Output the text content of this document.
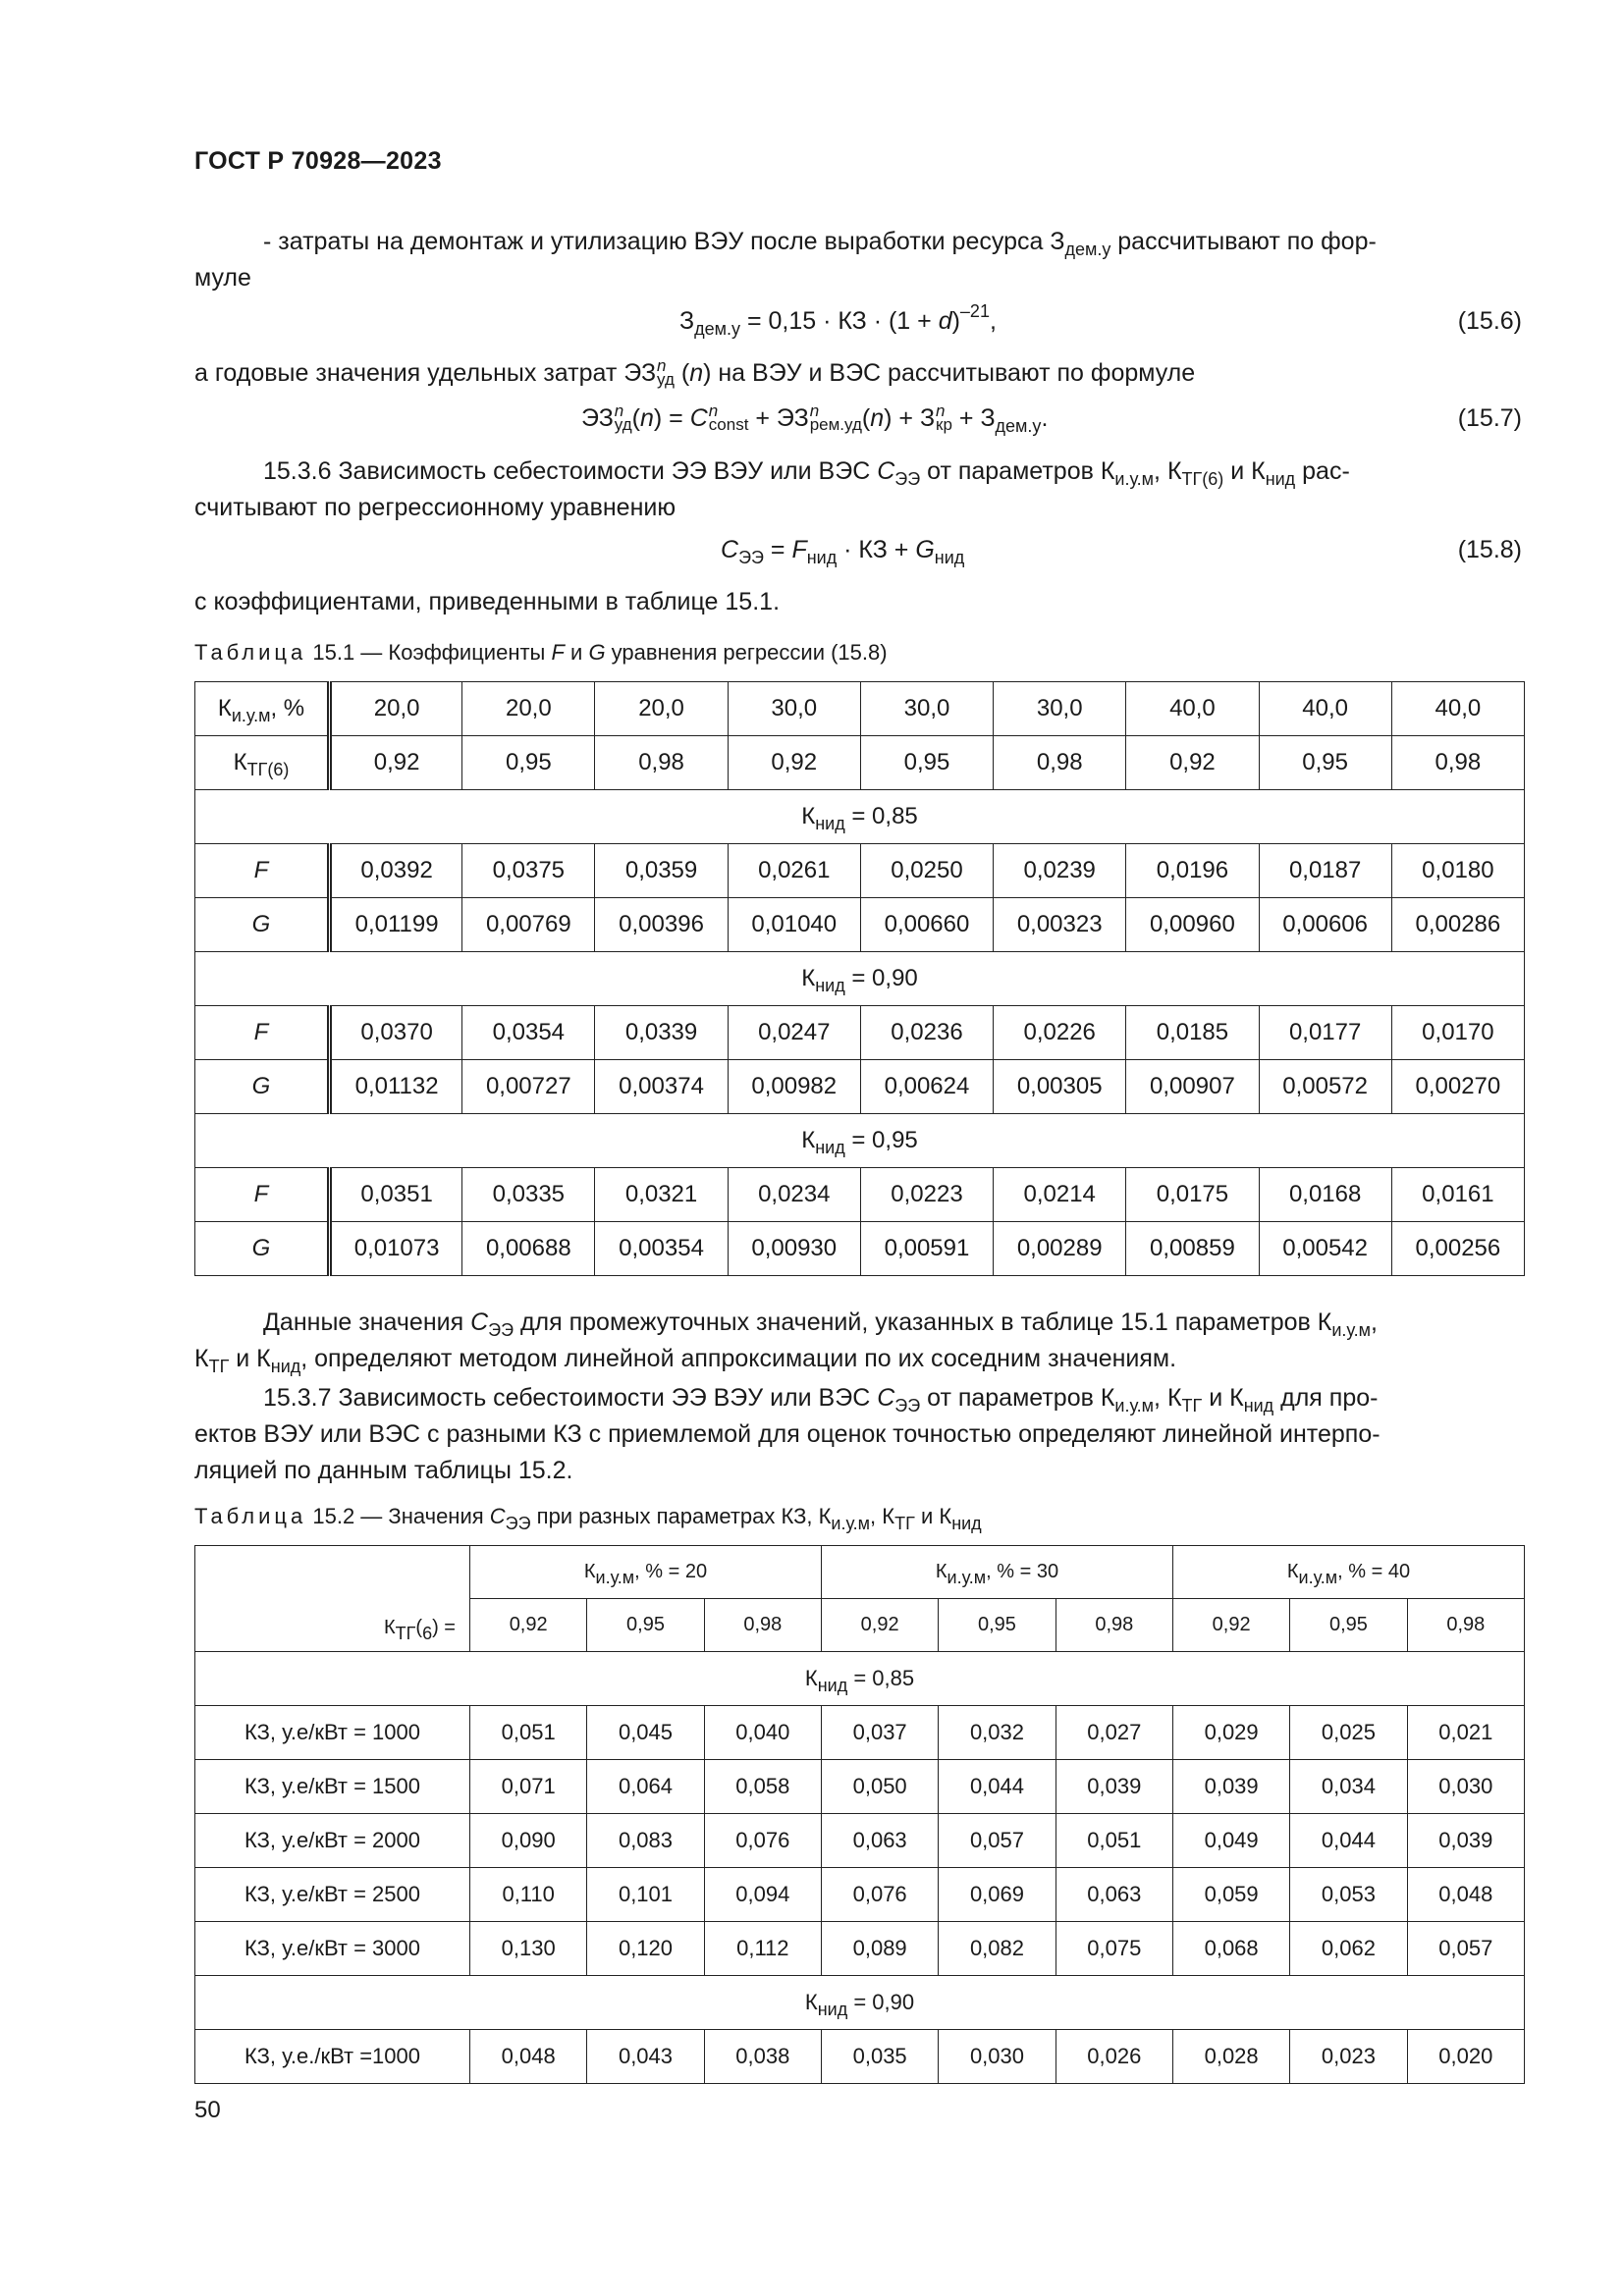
ГОСТ Р 70928—2023
- затраты на демонтаж и утилизацию ВЭУ после выработки ресурса $З_{дем.у}$ рассчитывают по фор-
муле
$З_{дем.у} = 0,15$ · КЗ · $(1 + d)^{-21}$,	(15.6)
а годовые значения удельных затрат ЭЗ n
уд (n) на ВЭУ и ВЭС рассчитывают по формуле
ЭЗ n
уд (n) = C n
const + ЭЗ n
рем.уд (n) + З n
кр + $З_{дем.у}$.	(15.7)
15.3.6 Зависимость себестоимости ЭЭ ВЭУ или ВЭС $C_{ЭЭ}$ от параметров $К_{и.у.м}$, $К_{ТГ(6)}$ и $К_{нид}$ рас-
считывают по регрессионному уравнению
$C_{ЭЭ} = F_{нид}$ · КЗ + $G_{нид}$	(15.8)
с коэффициентами, приведенными в таблице 15.1.
Таблица 15.1 — Коэффициенты F и G уравнения регрессии (15.8)
$К_{и.у.м}$, %	20,0	20,0	20,0	30,0	30,0	30,0	40,0	40,0	40,0
$К_{ТГ(6)}$	0,92	0,95	0,98	0,92	0,95	0,98	0,92	0,95	0,98
$К_{нид} = 0,85$									
F	0,0392	0,0375	0,0359	0,0261	0,0250	0,0239	0,0196	0,0187	0,0180
G	0,01199	0,00769	0,00396	0,01040	0,00660	0,00323	0,00960	0,00606	0,00286
$К_{нид} = 0,90$									
F	0,0370	0,0354	0,0339	0,0247	0,0236	0,0226	0,0185	0,0177	0,0170
G	0,01132	0,00727	0,00374	0,00982	0,00624	0,00305	0,00907	0,00572	0,00270
$К_{нид} = 0,95$									
F	0,0351	0,0335	0,0321	0,0234	0,0223	0,0214	0,0175	0,0168	0,0161
G	0,01073	0,00688	0,00354	0,00930	0,00591	0,00289	0,00859	0,00542	0,00256
Данные значения $C_{ЭЭ}$ для промежуточных значений, указанных в таблице 15.1 параметров $К_{и.у.м}$,
$К_{ТГ}$ и $К_{нид}$, определяют методом линейной аппроксимации по их соседним значениям.
15.3.7 Зависимость себестоимости ЭЭ ВЭУ или ВЭС $C_{ЭЭ}$ от параметров $К_{и.у.м}$, $К_{ТГ}$ и $К_{нид}$ для про-
ектов ВЭУ или ВЭС с разными КЗ с приемлемой для оценок точностью определяют линейной интерпо-
ляцией по данным таблицы 15.2.
Таблица 15.2 — Значения $C_{ЭЭ}$ при разных параметрах КЗ, $К_{и.у.м}$, $К_{ТГ}$ и $К_{нид}$
$К_{ТГ}(_6)$ =	$К_{и.у.м}$, % = 20			$К_{и.у.м}$, % = 30			$К_{и.у.м}$, % = 40		
	0,92	0,95	0,98	0,92	0,95	0,98	0,92	0,95	0,98
$К_{нид} = 0,85$									
КЗ, у.е/кВт = 1000	0,051	0,045	0,040	0,037	0,032	0,027	0,029	0,025	0,021
КЗ, у.е/кВт = 1500	0,071	0,064	0,058	0,050	0,044	0,039	0,039	0,034	0,030
КЗ, у.е/кВт = 2000	0,090	0,083	0,076	0,063	0,057	0,051	0,049	0,044	0,039
КЗ, у.е/кВт = 2500	0,110	0,101	0,094	0,076	0,069	0,063	0,059	0,053	0,048
КЗ, у.е/кВт = 3000	0,130	0,120	0,112	0,089	0,082	0,075	0,068	0,062	0,057
$К_{нид} = 0,90$									
КЗ, у.е./кВт =1000	0,048	0,043	0,038	0,035	0,030	0,026	0,028	0,023	0,020
50
